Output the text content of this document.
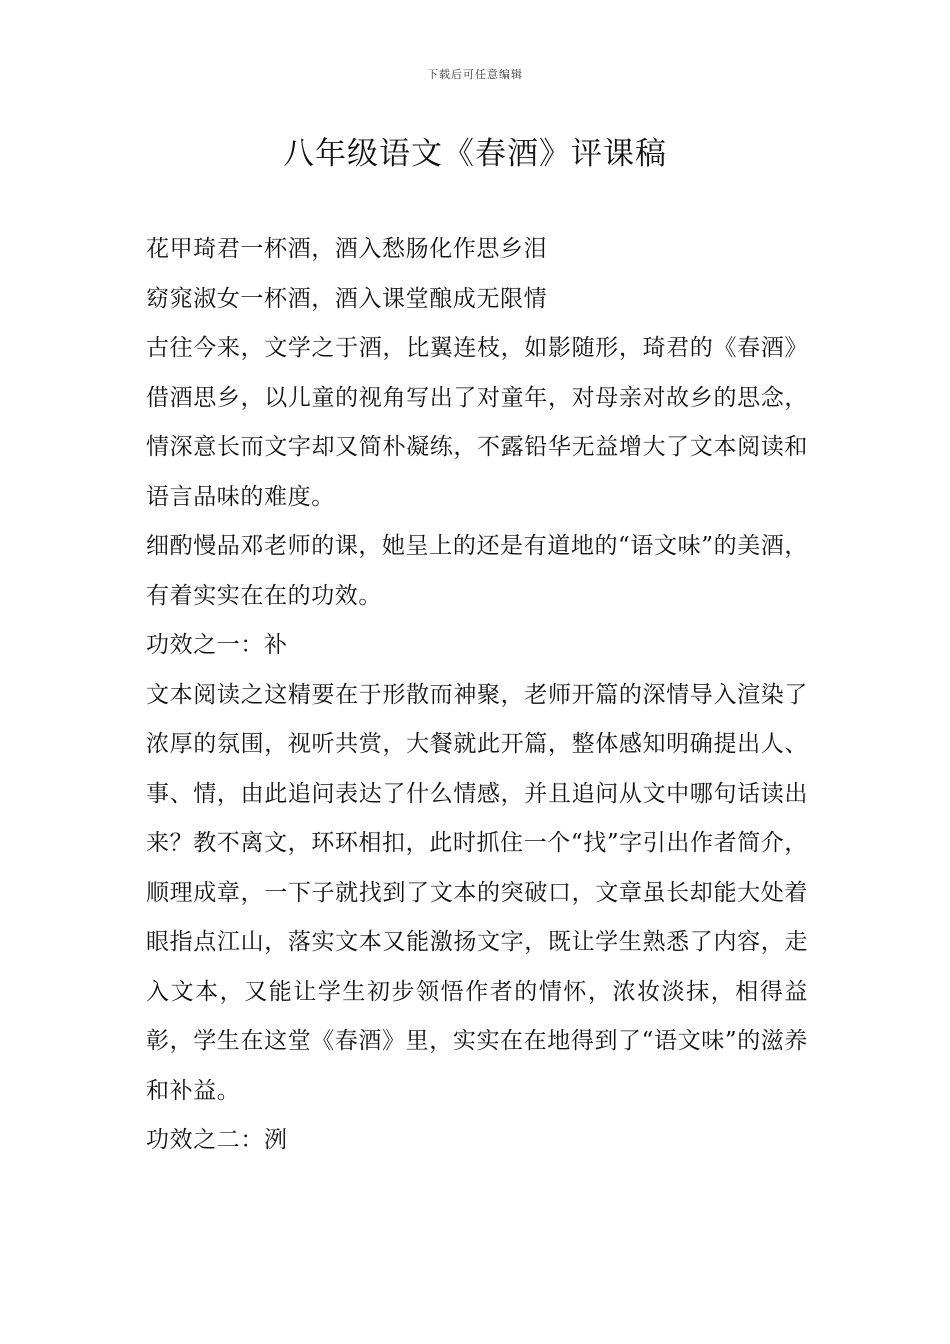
下载后可任意编辑
八年级语文《春酒》评课稿

花甲琦君一杯酒，酒入愁肠化作思乡泪

窈窕淑女一杯酒，酒入课堂酿成无限情

古往今来，文学之于酒，比翼连枝，如影随形，琦君的《春酒》借酒思乡，以儿童的视角写出了对童年，对母亲对故乡的思念，情深意长而文字却又简朴凝练，不露铅华无益增大了文本阅读和语言品味的难度。

细酌慢品邓老师的课，她呈上的还是有道地的“语文味”的美酒，有着实实在在的功效。

功效之一：补

文本阅读之这精要在于形散而神聚，老师开篇的深情导入渲染了浓厚的氛围，视听共赏，大餐就此开篇，整体感知明确提出人、事、情，由此追问表达了什么情感，并且追问从文中哪句话读出来？教不离文，环环相扣，此时抓住一个“找”字引出作者简介，顺理成章，一下子就找到了文本的突破口，文章虽长却能大处着眼指点江山，落实文本又能激扬文字，既让学生熟悉了内容，走入文本，又能让学生初步领悟作者的情怀，浓妆淡抹，相得益彰，学生在这堂《春酒》里，实实在在地得到了“语文味”的滋养和补益。

功效之二：洌
